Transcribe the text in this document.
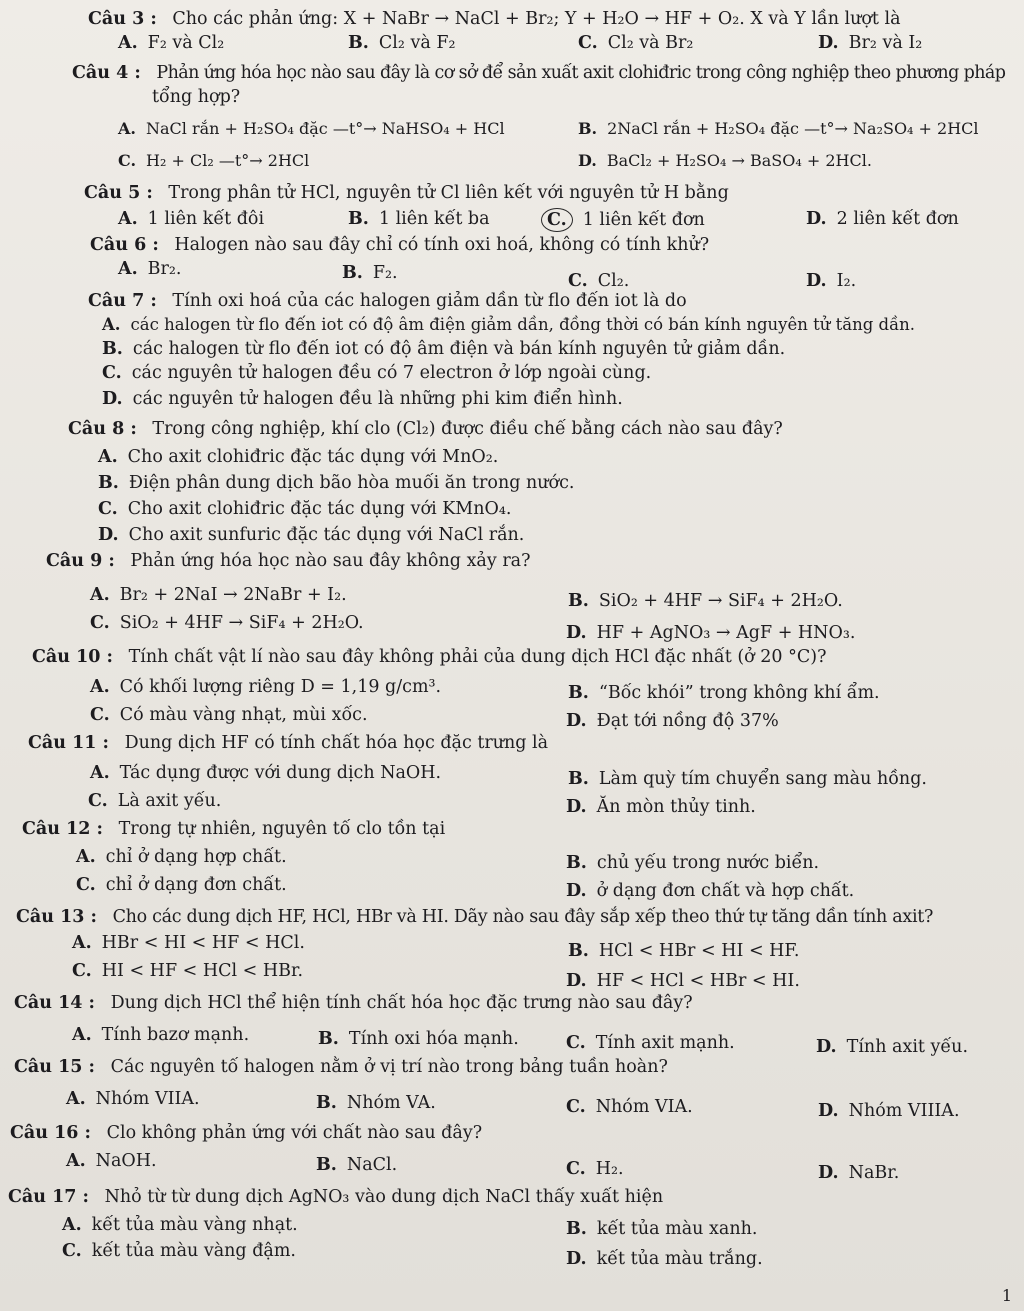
Câu 3 : Cho các phản ứng: X + NaBr → NaCl + Br₂; Y + H₂O → HF + O₂. X và Y lần lượt là
A. F₂ và Cl₂	B. Cl₂ và F₂	C. Cl₂ và Br₂	D. Br₂ và I₂
Câu 4 : Phản ứng hóa học nào sau đây là cơ sở để sản xuất axit clohiđric trong công nghiệp theo phương pháp
tổng hợp?
A. NaCl rắn + H₂SO₄ đặc —t°→ NaHSO₄ + HCl	B. 2NaCl rắn + H₂SO₄ đặc —t°→ Na₂SO₄ + 2HCl
C. H₂ + Cl₂ —t°→ 2HCl	D. BaCl₂ + H₂SO₄ → BaSO₄ + 2HCl.
Câu 5 : Trong phân tử HCl, nguyên tử Cl liên kết với nguyên tử H bằng
A. 1 liên kết đôi	B. 1 liên kết ba	C. 1 liên kết đơn	D. 2 liên kết đơn
Câu 6 : Halogen nào sau đây chỉ có tính oxi hoá, không có tính khử?
A. Br₂.	B. F₂.	C. Cl₂.	D. I₂.
Câu 7 : Tính oxi hoá của các halogen giảm dần từ flo đến iot là do
A. các halogen từ flo đến iot có độ âm điện giảm dần, đồng thời có bán kính nguyên tử tăng dần.
B. các halogen từ flo đến iot có độ âm điện và bán kính nguyên tử giảm dần.
C. các nguyên tử halogen đều có 7 electron ở lớp ngoài cùng.
D. các nguyên tử halogen đều là những phi kim điển hình.
Câu 8 : Trong công nghiệp, khí clo (Cl₂) được điều chế bằng cách nào sau đây?
A. Cho axit clohiđric đặc tác dụng với MnO₂.
B. Điện phân dung dịch bão hòa muối ăn trong nước.
C. Cho axit clohiđric đặc tác dụng với KMnO₄.
D. Cho axit sunfuric đặc tác dụng với NaCl rắn.
Câu 9 : Phản ứng hóa học nào sau đây không xảy ra?
A. Br₂ + 2NaI → 2NaBr + I₂.	B. SiO₂ + 4HF → SiF₄ + 2H₂O.
C. SiO₂ + 4HF → SiF₄ + 2H₂O.	D. HF + AgNO₃ → AgF + HNO₃.
Câu 10 : Tính chất vật lí nào sau đây không phải của dung dịch HCl đặc nhất (ở 20 °C)?
A. Có khối lượng riêng D = 1,19 g/cm³.	B. “Bốc khói” trong không khí ẩm.
C. Có màu vàng nhạt, mùi xốc.	D. Đạt tới nồng độ 37%
Câu 11 : Dung dịch HF có tính chất hóa học đặc trưng là
A. Tác dụng được với dung dịch NaOH.	B. Làm quỳ tím chuyển sang màu hồng.
C. Là axit yếu.	D. Ăn mòn thủy tinh.
Câu 12 : Trong tự nhiên, nguyên tố clo tồn tại
A. chỉ ở dạng hợp chất.	B. chủ yếu trong nước biển.
C. chỉ ở dạng đơn chất.	D. ở dạng đơn chất và hợp chất.
Câu 13 : Cho các dung dịch HF, HCl, HBr và HI. Dãy nào sau đây sắp xếp theo thứ tự tăng dần tính axit?
A. HBr < HI < HF < HCl.	B. HCl < HBr < HI < HF.
C. HI < HF < HCl < HBr.	D. HF < HCl < HBr < HI.
Câu 14 : Dung dịch HCl thể hiện tính chất hóa học đặc trưng nào sau đây?
A. Tính bazơ mạnh.	B. Tính oxi hóa mạnh.	C. Tính axit mạnh.	D. Tính axit yếu.
Câu 15 : Các nguyên tố halogen nằm ở vị trí nào trong bảng tuần hoàn?
A. Nhóm VIIA.	B. Nhóm VA.	C. Nhóm VIA.	D. Nhóm VIIIA.
Câu 16 : Clo không phản ứng với chất nào sau đây?
A. NaOH.	B. NaCl.	C. H₂.	D. NaBr.
Câu 17 : Nhỏ từ từ dung dịch AgNO₃ vào dung dịch NaCl thấy xuất hiện
A. kết tủa màu vàng nhạt.	B. kết tủa màu xanh.
C. kết tủa màu vàng đậm.	D. kết tủa màu trắng.
1
